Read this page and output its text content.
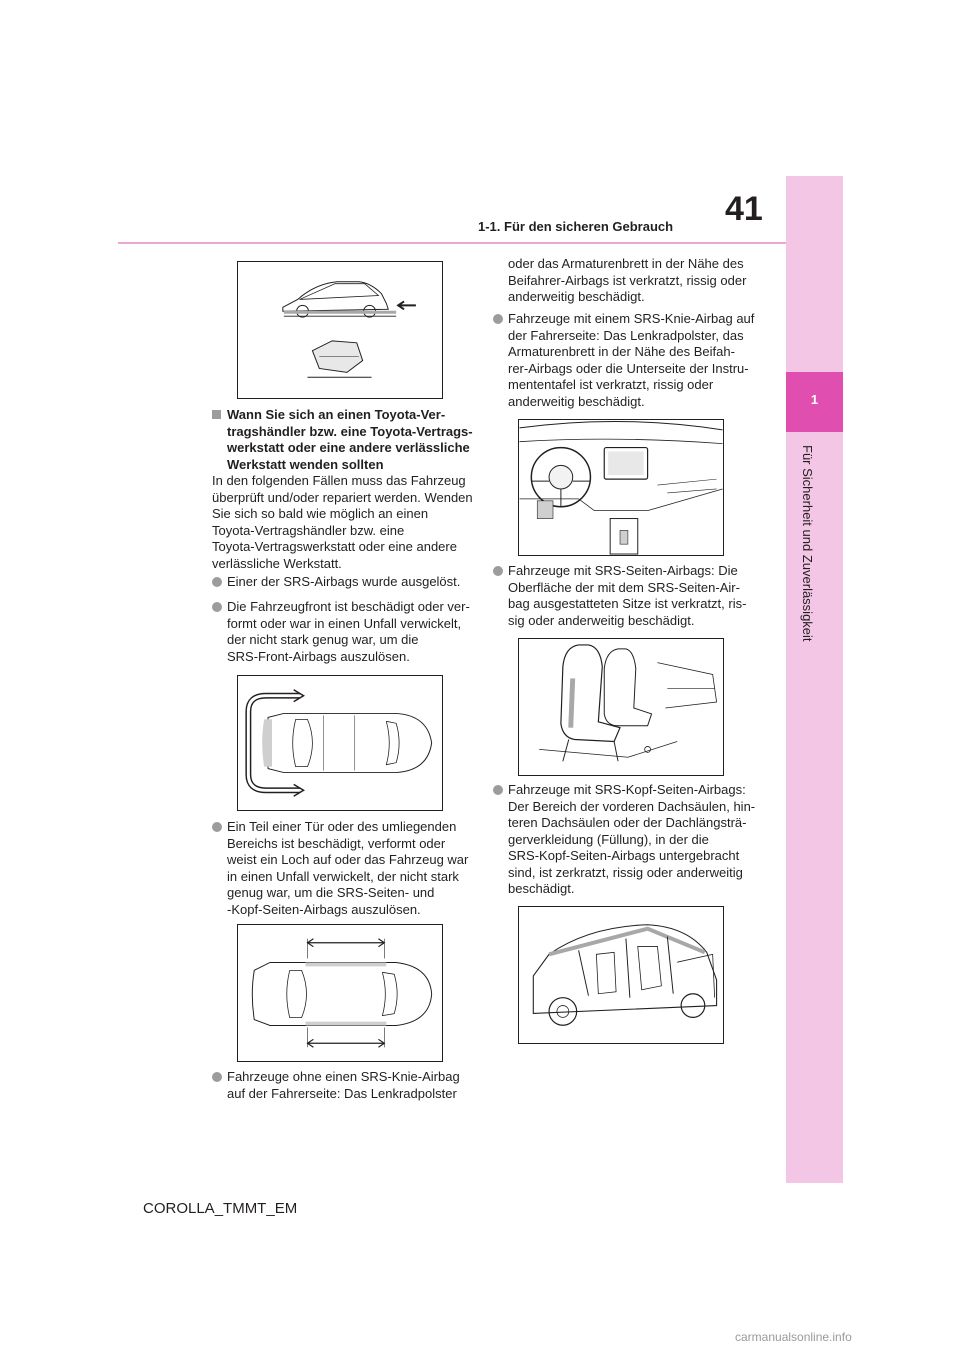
41
1-1. Für den sicheren Gebrauch
1
Für Sicherheit und Zuverlässigkeit
Wann Sie sich an einen Toyota-Ver-
tragshändler bzw. eine Toyota-Vertrags-
werkstatt oder eine andere verlässliche
Werkstatt wenden sollten
In den folgenden Fällen muss das Fahrzeug
überprüft und/oder repariert werden. Wenden
Sie sich so bald wie möglich an einen
Toyota-Vertragshändler bzw. eine
Toyota-Vertragswerkstatt oder eine andere
verlässliche Werkstatt.
Einer der SRS-Airbags wurde ausgelöst.
Die Fahrzeugfront ist beschädigt oder ver-
formt oder war in einen Unfall verwickelt,
der nicht stark genug war, um die
SRS-Front-Airbags auszulösen.
Ein Teil einer Tür oder des umliegenden
Bereichs ist beschädigt, verformt oder
weist ein Loch auf oder das Fahrzeug war
in einen Unfall verwickelt, der nicht stark
genug war, um die SRS-Seiten- und
-Kopf-Seiten-Airbags auszulösen.
Fahrzeuge ohne einen SRS-Knie-Airbag
auf der Fahrerseite: Das Lenkradpolster
oder das Armaturenbrett in der Nähe des
Beifahrer-Airbags ist verkratzt, rissig oder
anderweitig beschädigt.
Fahrzeuge mit einem SRS-Knie-Airbag auf
der Fahrerseite: Das Lenkradpolster, das
Armaturenbrett in der Nähe des Beifah-
rer-Airbags oder die Unterseite der Instru-
mententafel ist verkratzt, rissig oder
anderweitig beschädigt.
Fahrzeuge mit SRS-Seiten-Airbags: Die
Oberfläche der mit dem SRS-Seiten-Air-
bag ausgestatteten Sitze ist verkratzt, ris-
sig oder anderweitig beschädigt.
Fahrzeuge mit SRS-Kopf-Seiten-Airbags:
Der Bereich der vorderen Dachsäulen, hin-
teren Dachsäulen oder der Dachlängsträ-
gerverkleidung (Füllung), in der die
SRS-Kopf-Seiten-Airbags untergebracht
sind, ist zerkratzt, rissig oder anderweitig
beschädigt.
COROLLA_TMMT_EM
carmanualsonline.info
